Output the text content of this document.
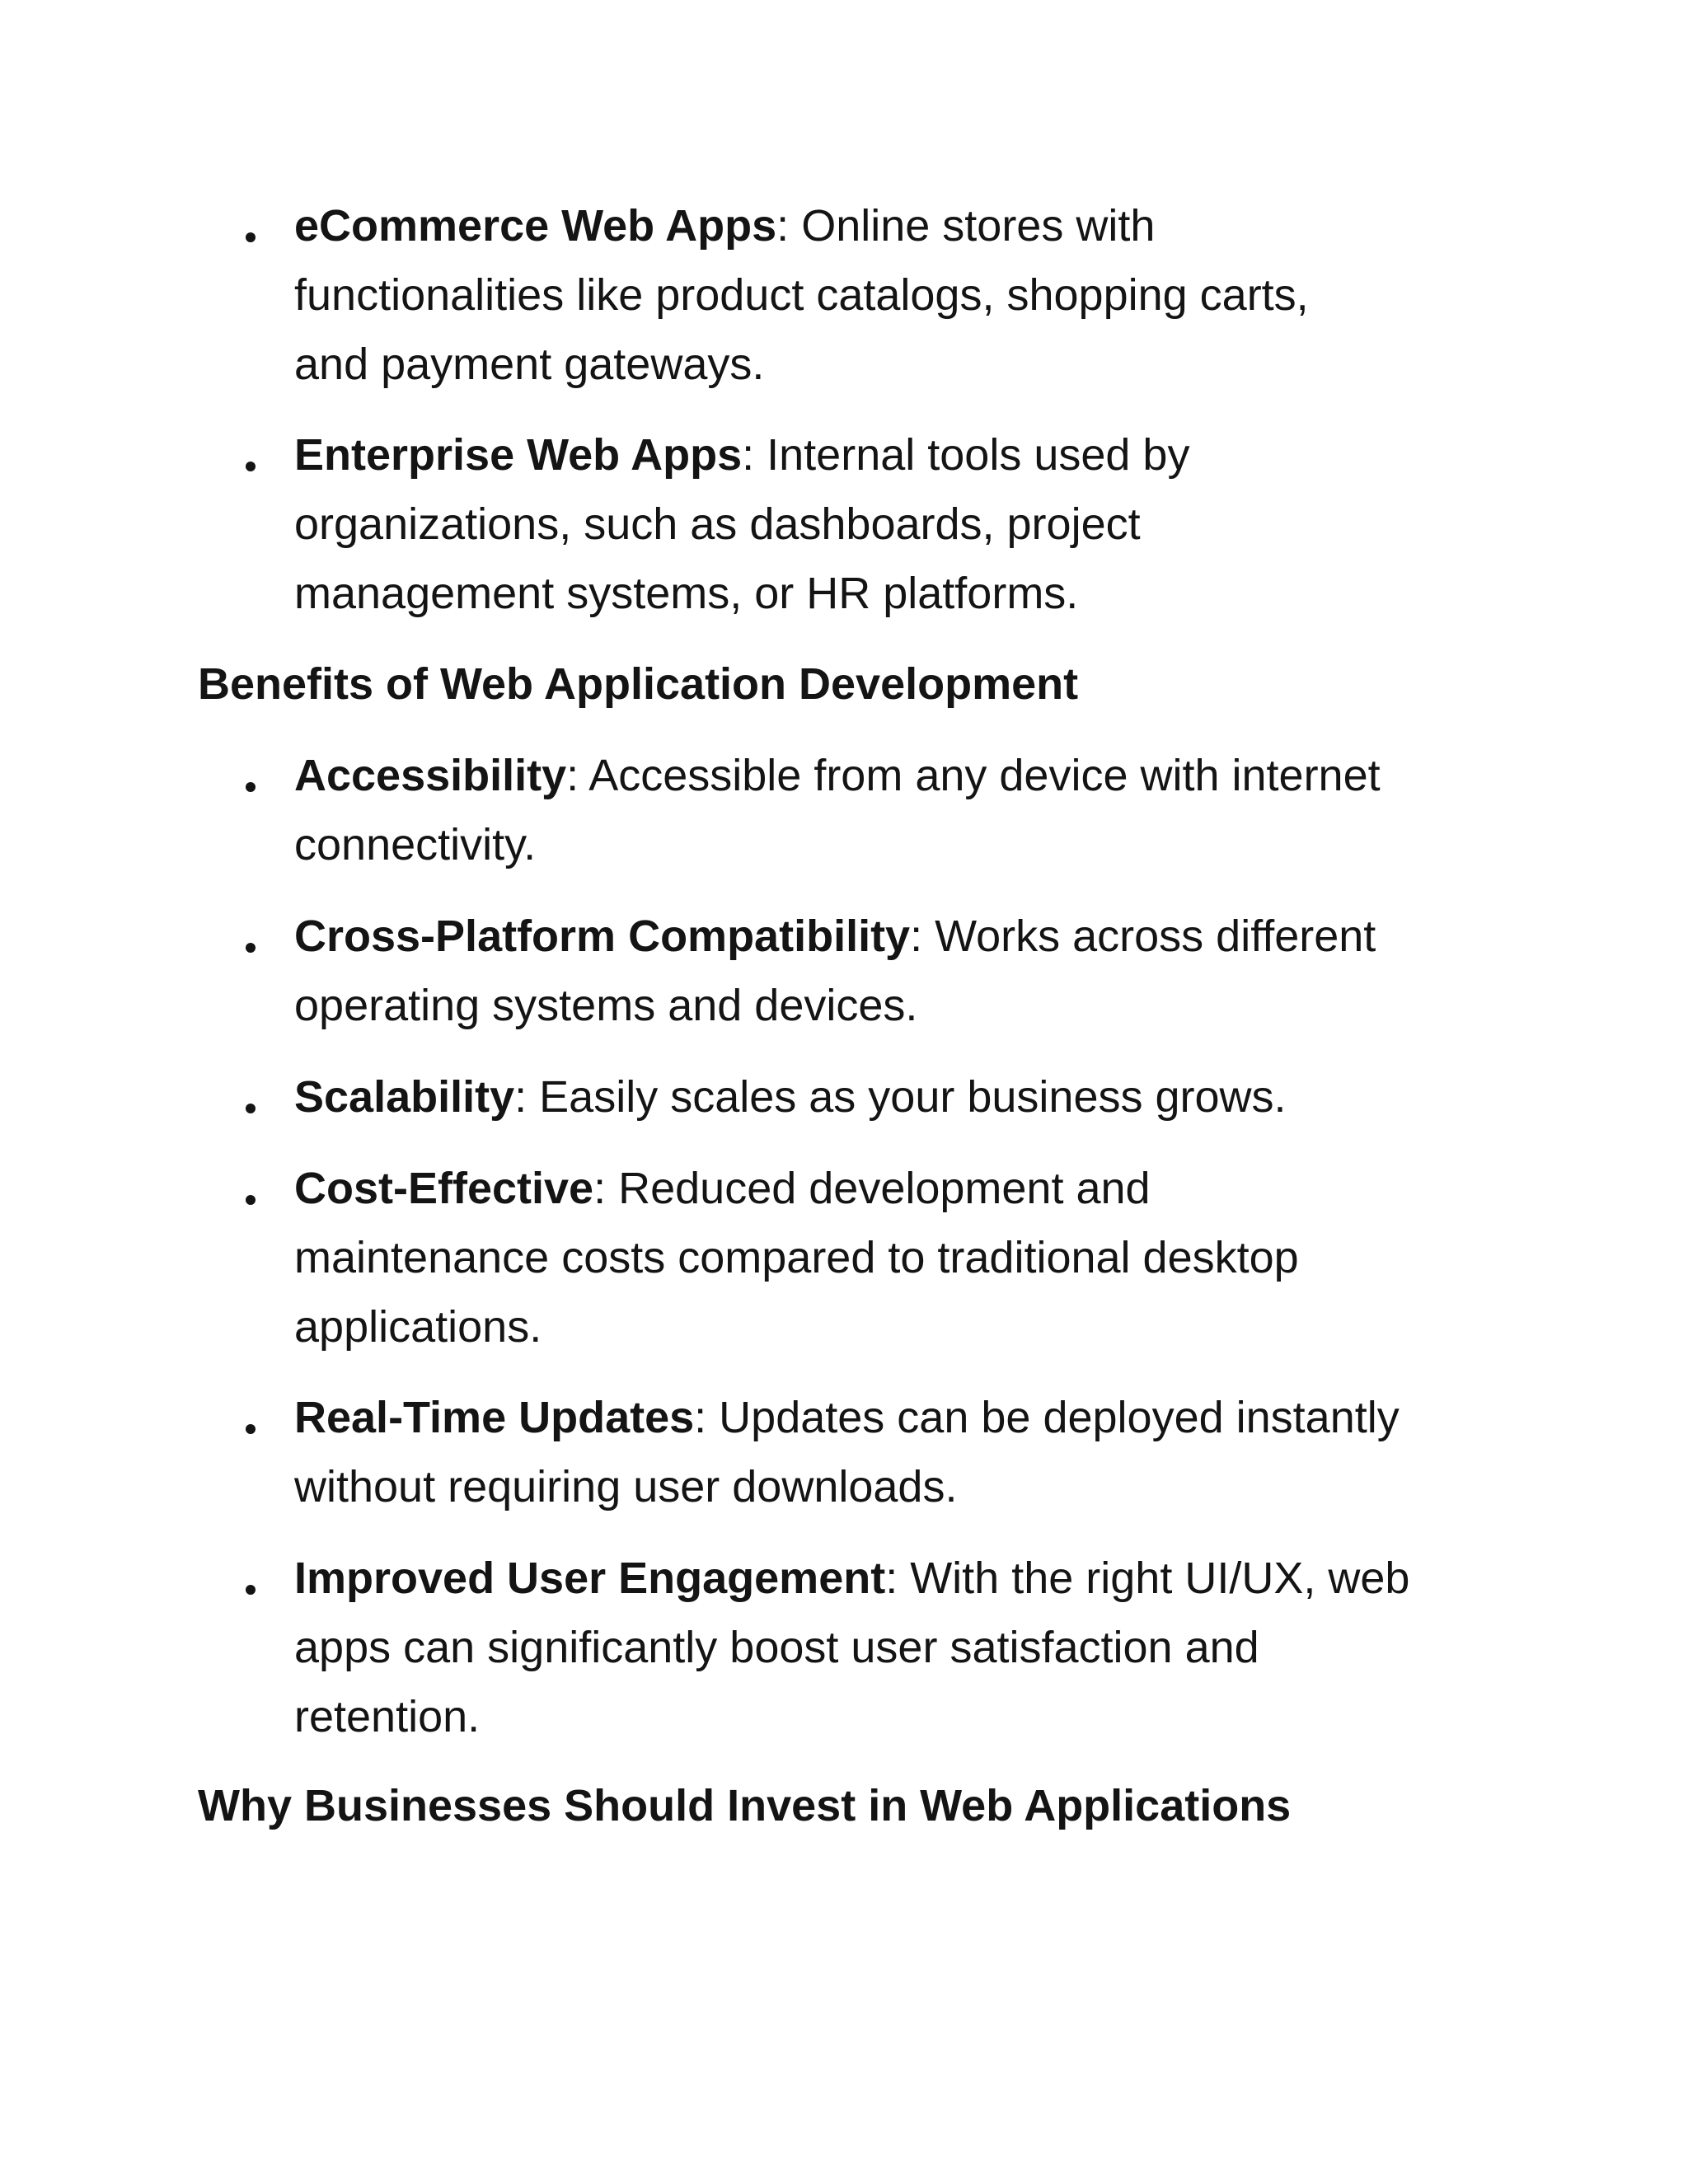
eCommerce Web Apps: Online stores with
functionalities like product catalogs, shopping carts,
and payment gateways.
Enterprise Web Apps: Internal tools used by
organizations, such as dashboards, project
management systems, or HR platforms.
Benefits of Web Application Development
Accessibility: Accessible from any device with internet
connectivity.
Cross-Platform Compatibility: Works across different
operating systems and devices.
Scalability: Easily scales as your business grows.
Cost-Effective: Reduced development and
maintenance costs compared to traditional desktop
applications.
Real-Time Updates: Updates can be deployed instantly
without requiring user downloads.
Improved User Engagement: With the right UI/UX, web
apps can significantly boost user satisfaction and
retention.
Why Businesses Should Invest in Web Applications
